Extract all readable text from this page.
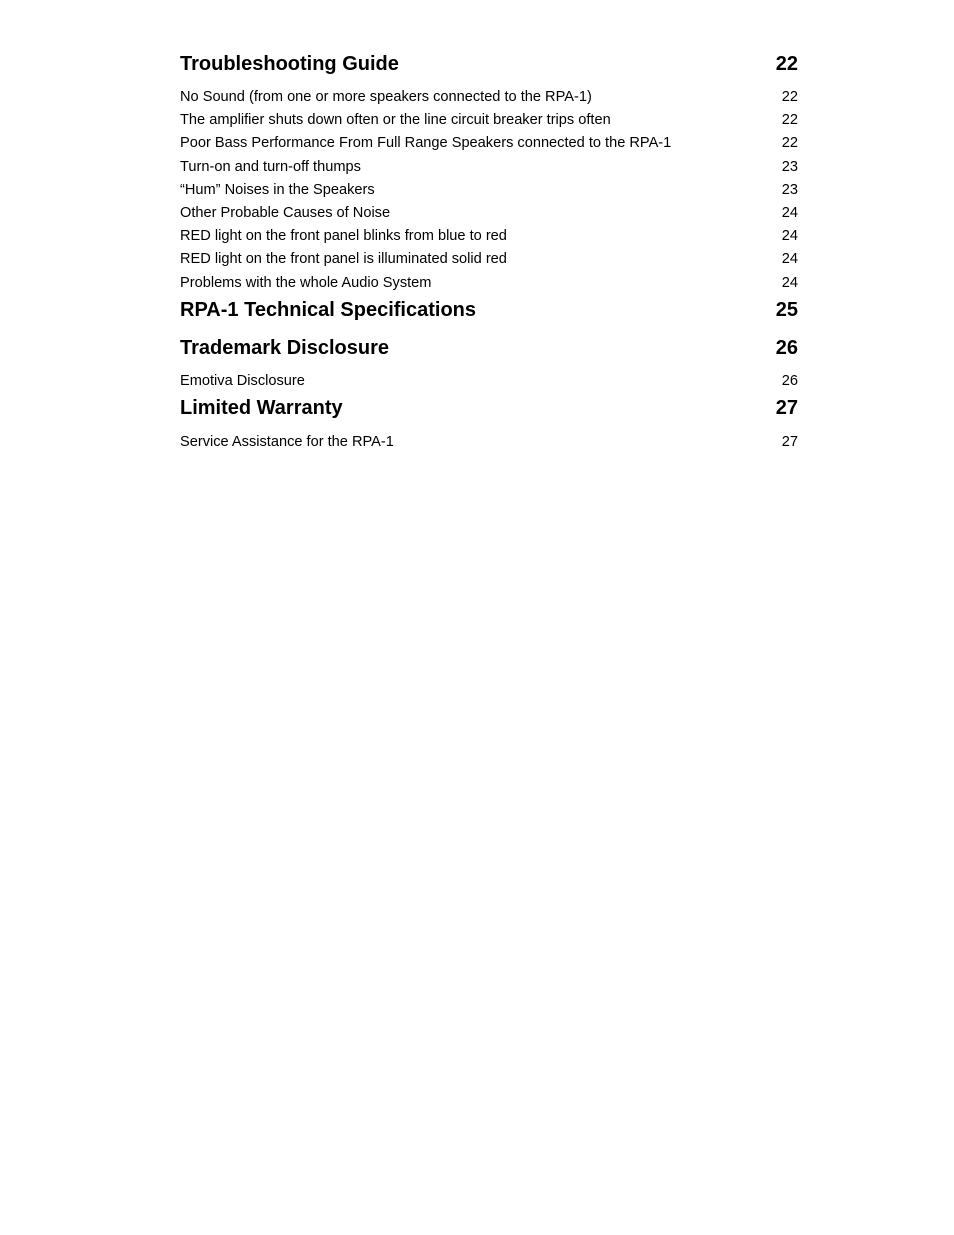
Troubleshooting Guide	22
No Sound (from one or more speakers connected to the RPA-1)	22
The amplifier shuts down often or the line circuit breaker trips often	22
Poor Bass Performance From Full Range Speakers connected to the RPA-1	22
Turn-on and turn-off thumps	23
“Hum” Noises in the Speakers	23
Other Probable Causes of Noise	24
RED light on the front panel blinks from blue to red	24
RED light on the front panel is illuminated solid red	24
Problems with the whole Audio System	24
RPA-1 Technical Specifications	25
Trademark Disclosure	26
Emotiva Disclosure	26
Limited Warranty	27
Service Assistance for the RPA-1	27
